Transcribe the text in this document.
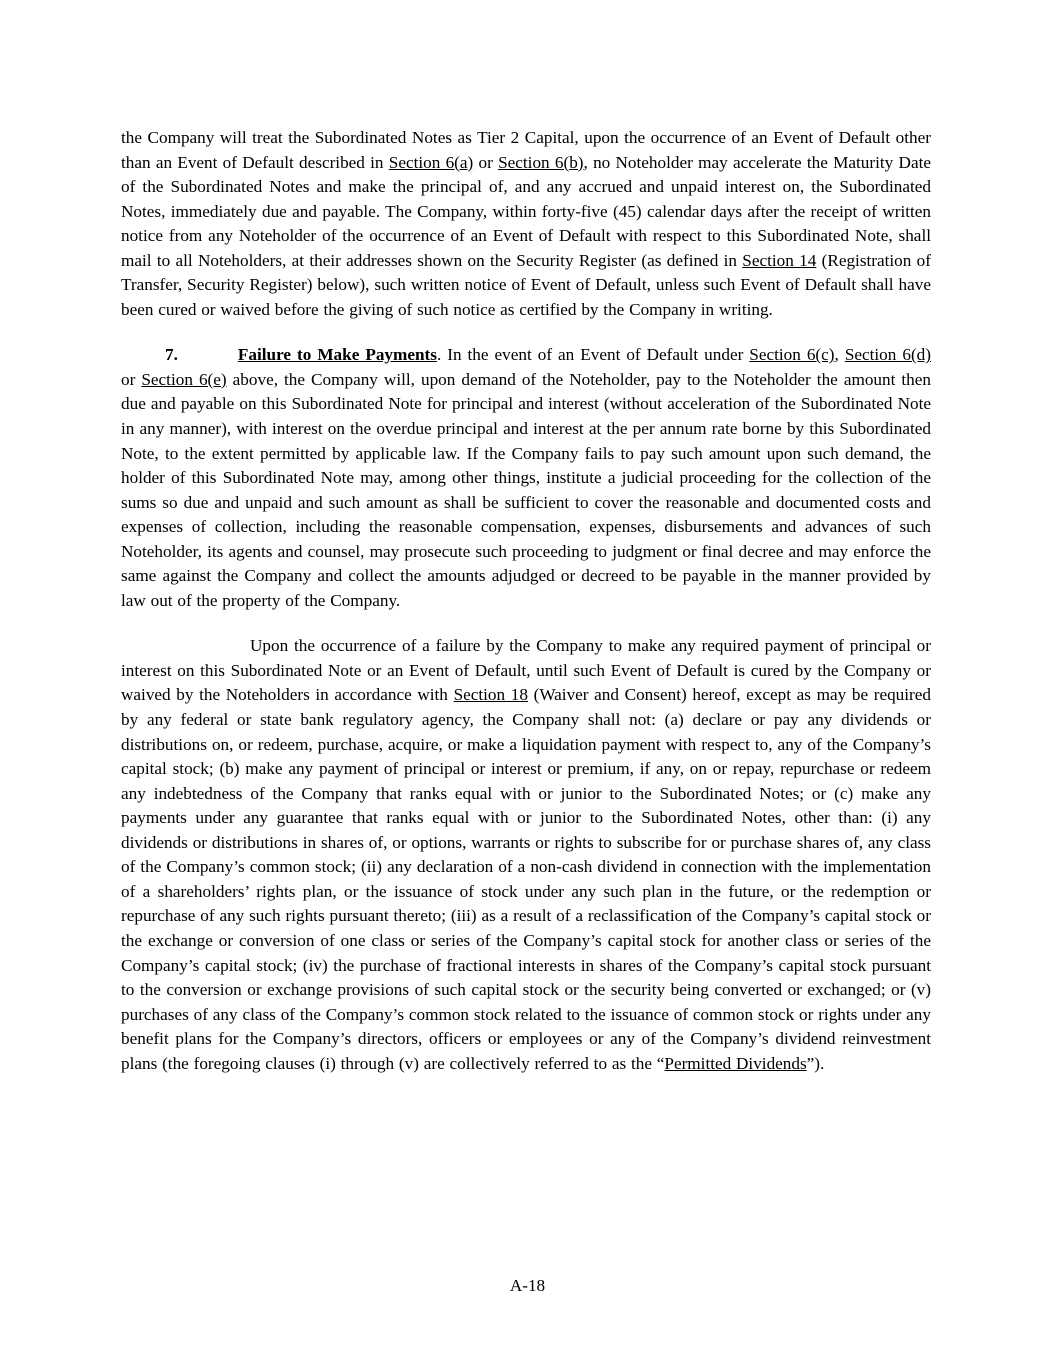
the Company will treat the Subordinated Notes as Tier 2 Capital, upon the occurrence of an Event of Default other than an Event of Default described in Section 6(a) or Section 6(b), no Noteholder may accelerate the Maturity Date of the Subordinated Notes and make the principal of, and any accrued and unpaid interest on, the Subordinated Notes, immediately due and payable. The Company, within forty-five (45) calendar days after the receipt of written notice from any Noteholder of the occurrence of an Event of Default with respect to this Subordinated Note, shall mail to all Noteholders, at their addresses shown on the Security Register (as defined in Section 14 (Registration of Transfer, Security Register) below), such written notice of Event of Default, unless such Event of Default shall have been cured or waived before the giving of such notice as certified by the Company in writing.

7.	Failure to Make Payments. In the event of an Event of Default under Section 6(c), Section 6(d) or Section 6(e) above, the Company will, upon demand of the Noteholder, pay to the Noteholder the amount then due and payable on this Subordinated Note for principal and interest (without acceleration of the Subordinated Note in any manner), with interest on the overdue principal and interest at the per annum rate borne by this Subordinated Note, to the extent permitted by applicable law. If the Company fails to pay such amount upon such demand, the holder of this Subordinated Note may, among other things, institute a judicial proceeding for the collection of the sums so due and unpaid and such amount as shall be sufficient to cover the reasonable and documented costs and expenses of collection, including the reasonable compensation, expenses, disbursements and advances of such Noteholder, its agents and counsel, may prosecute such proceeding to judgment or final decree and may enforce the same against the Company and collect the amounts adjudged or decreed to be payable in the manner provided by law out of the property of the Company.

Upon the occurrence of a failure by the Company to make any required payment of principal or interest on this Subordinated Note or an Event of Default, until such Event of Default is cured by the Company or waived by the Noteholders in accordance with Section 18 (Waiver and Consent) hereof, except as may be required by any federal or state bank regulatory agency, the Company shall not: (a) declare or pay any dividends or distributions on, or redeem, purchase, acquire, or make a liquidation payment with respect to, any of the Company’s capital stock; (b) make any payment of principal or interest or premium, if any, on or repay, repurchase or redeem any indebtedness of the Company that ranks equal with or junior to the Subordinated Notes; or (c) make any payments under any guarantee that ranks equal with or junior to the Subordinated Notes, other than: (i) any dividends or distributions in shares of, or options, warrants or rights to subscribe for or purchase shares of, any class of the Company’s common stock; (ii) any declaration of a non-cash dividend in connection with the implementation of a shareholders’ rights plan, or the issuance of stock under any such plan in the future, or the redemption or repurchase of any such rights pursuant thereto; (iii) as a result of a reclassification of the Company’s capital stock or the exchange or conversion of one class or series of the Company’s capital stock for another class or series of the Company’s capital stock; (iv) the purchase of fractional interests in shares of the Company’s capital stock pursuant to the conversion or exchange provisions of such capital stock or the security being converted or exchanged; or (v) purchases of any class of the Company’s common stock related to the issuance of common stock or rights under any benefit plans for the Company’s directors, officers or employees or any of the Company’s dividend reinvestment plans (the foregoing clauses (i) through (v) are collectively referred to as the “Permitted Dividends”).

A-18
